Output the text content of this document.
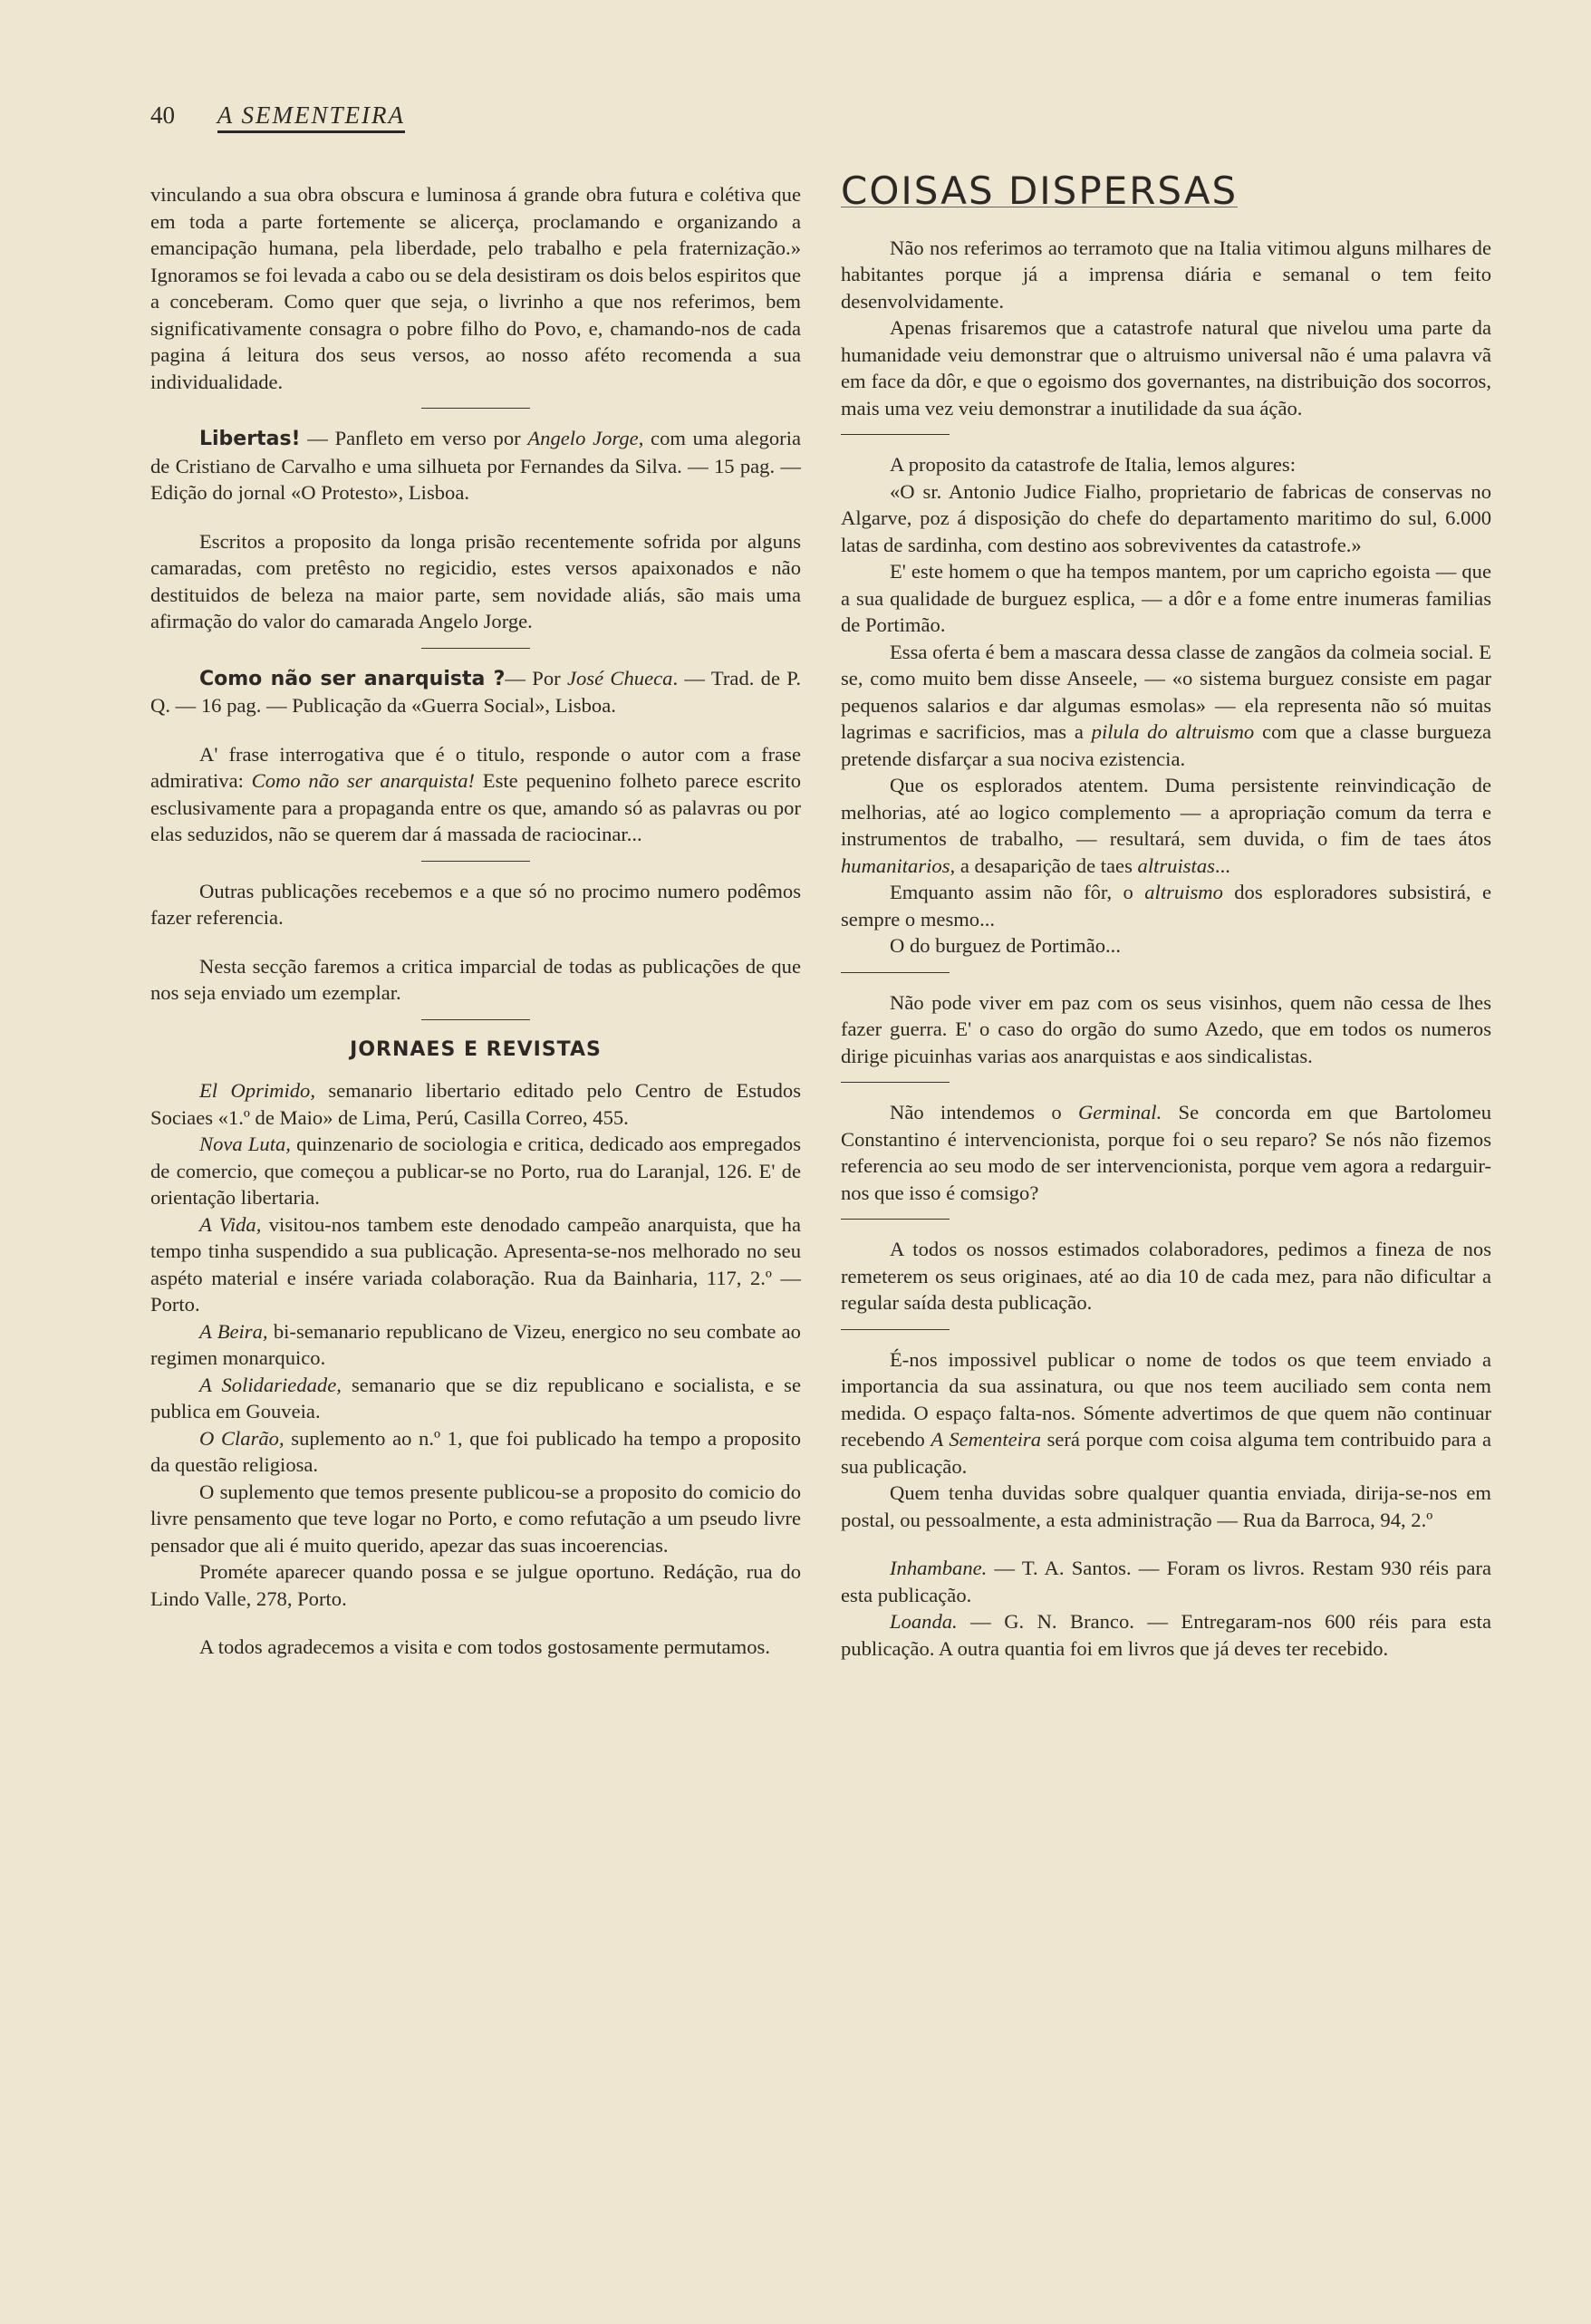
40 A SEMENTEIRA

vinculando a sua obra obscura e luminosa á grande obra futura e colétiva que em toda a parte fortemente se alicerça, proclamando e organizando a emancipação humana, pela liberdade, pelo trabalho e pela fraternização.» Ignoramos se foi levada a cabo ou se dela desistiram os dois belos espiritos que a conceberam. Como quer que seja, o livrinho a que nos referimos, bem significativamente consagra o pobre filho do Povo, e, chamando-nos de cada pagina á leitura dos seus versos, ao nosso aféto recomenda a sua individualidade.

Libertas! — Panfleto em verso por Angelo Jorge, com uma alegoria de Cristiano de Carvalho e uma silhueta por Fernandes da Silva. — 15 pag. — Edição do jornal «O Protesto», Lisboa.

Escritos a proposito da longa prisão recentemente sofrida por alguns camaradas, com pretêsto no regicidio, estes versos apaixonados e não destituidos de beleza na maior parte, sem novidade aliás, são mais uma afirmação do valor do camarada Angelo Jorge.

Como não ser anarquista ?— Por José Chueca. — Trad. de P. Q. — 16 pag. — Publicação da «Guerra Social», Lisboa.

A' frase interrogativa que é o titulo, responde o autor com a frase admirativa: Como não ser anarquista! Este pequenino folheto parece escrito esclusivamente para a propaganda entre os que, amando só as palavras ou por elas seduzidos, não se querem dar á massada de raciocinar...

Outras publicações recebemos e a que só no procimo numero podêmos fazer referencia.

Nesta secção faremos a critica imparcial de todas as publicações de que nos seja enviado um ezemplar.

JORNAES E REVISTAS

El Oprimido, semanario libertario editado pelo Centro de Estudos Sociaes «1.º de Maio» de Lima, Perú, Casilla Correo, 455.

Nova Luta, quinzenario de sociologia e critica, dedicado aos empregados de comercio, que começou a publicar-se no Porto, rua do Laranjal, 126. E' de orientação libertaria.

A Vida, visitou-nos tambem este denodado campeão anarquista, que ha tempo tinha suspendido a sua publicação. Apresenta-se-nos melhorado no seu aspéto material e insére variada colaboração. Rua da Bainharia, 117, 2.º — Porto.

A Beira, bi-semanario republicano de Vizeu, energico no seu combate ao regimen monarquico.

A Solidariedade, semanario que se diz republicano e socialista, e se publica em Gouveia.

O Clarão, suplemento ao n.º 1, que foi publicado ha tempo a proposito da questão religiosa.

O suplemento que temos presente publicou-se a proposito do comicio do livre pensamento que teve logar no Porto, e como refutação a um pseudo livre pensador que ali é muito querido, apezar das suas incoerencias.

Prométe aparecer quando possa e se julgue oportuno. Redáção, rua do Lindo Valle, 278, Porto.

A todos agradecemos a visita e com todos gostosamente permutamos.

COISAS DISPERSAS

Não nos referimos ao terramoto que na Italia vitimou alguns milhares de habitantes porque já a imprensa diária e semanal o tem feito desenvolvidamente.

Apenas frisaremos que a catastrofe natural que nivelou uma parte da humanidade veiu demonstrar que o altruismo universal não é uma palavra vã em face da dôr, e que o egoismo dos governantes, na distribuição dos socorros, mais uma vez veiu demonstrar a inutilidade da sua áção.

A proposito da catastrofe de Italia, lemos algures:

«O sr. Antonio Judice Fialho, proprietario de fabricas de conservas no Algarve, poz á disposição do chefe do departamento maritimo do sul, 6.000 latas de sardinha, com destino aos sobreviventes da catastrofe.»

E' este homem o que ha tempos mantem, por um capricho egoista — que a sua qualidade de burguez esplica, — a dôr e a fome entre inumeras familias de Portimão.

Essa oferta é bem a mascara dessa classe de zangãos da colmeia social. E se, como muito bem disse Anseele, — «o sistema burguez consiste em pagar pequenos salarios e dar algumas esmolas» — ela representa não só muitas lagrimas e sacrificios, mas a pilula do altruismo com que a classe burgueza pretende disfarçar a sua nociva ezistencia.

Que os esplorados atentem. Duma persistente reinvindicação de melhorias, até ao logico complemento — a apropriação comum da terra e instrumentos de trabalho, — resultará, sem duvida, o fim de taes átos humanitarios, a desaparição de taes altruistas...

Emquanto assim não fôr, o altruismo dos esploradores subsistirá, e sempre o mesmo...

O do burguez de Portimão...

Não pode viver em paz com os seus visinhos, quem não cessa de lhes fazer guerra. E' o caso do orgão do sumo Azedo, que em todos os numeros dirige picuinhas varias aos anarquistas e aos sindicalistas.

Não intendemos o Germinal. Se concorda em que Bartolomeu Constantino é intervencionista, porque foi o seu reparo? Se nós não fizemos referencia ao seu modo de ser intervencionista, porque vem agora a redarguir-nos que isso é comsigo?

A todos os nossos estimados colaboradores, pedimos a fineza de nos remeterem os seus originaes, até ao dia 10 de cada mez, para não dificultar a regular saída desta publicação.

É-nos impossivel publicar o nome de todos os que teem enviado a importancia da sua assinatura, ou que nos teem auciliado sem conta nem medida. O espaço falta-nos. Sómente advertimos de que quem não continuar recebendo A Sementeira será porque com coisa alguma tem contribuido para a sua publicação.

Quem tenha duvidas sobre qualquer quantia enviada, dirija-se-nos em postal, ou pessoalmente, a esta administração — Rua da Barroca, 94, 2.º

Inhambane. — T. A. Santos. — Foram os livros. Restam 930 réis para esta publicação.

Loanda. — G. N. Branco. — Entregaram-nos 600 réis para esta publicação. A outra quantia foi em livros que já deves ter recebido.
